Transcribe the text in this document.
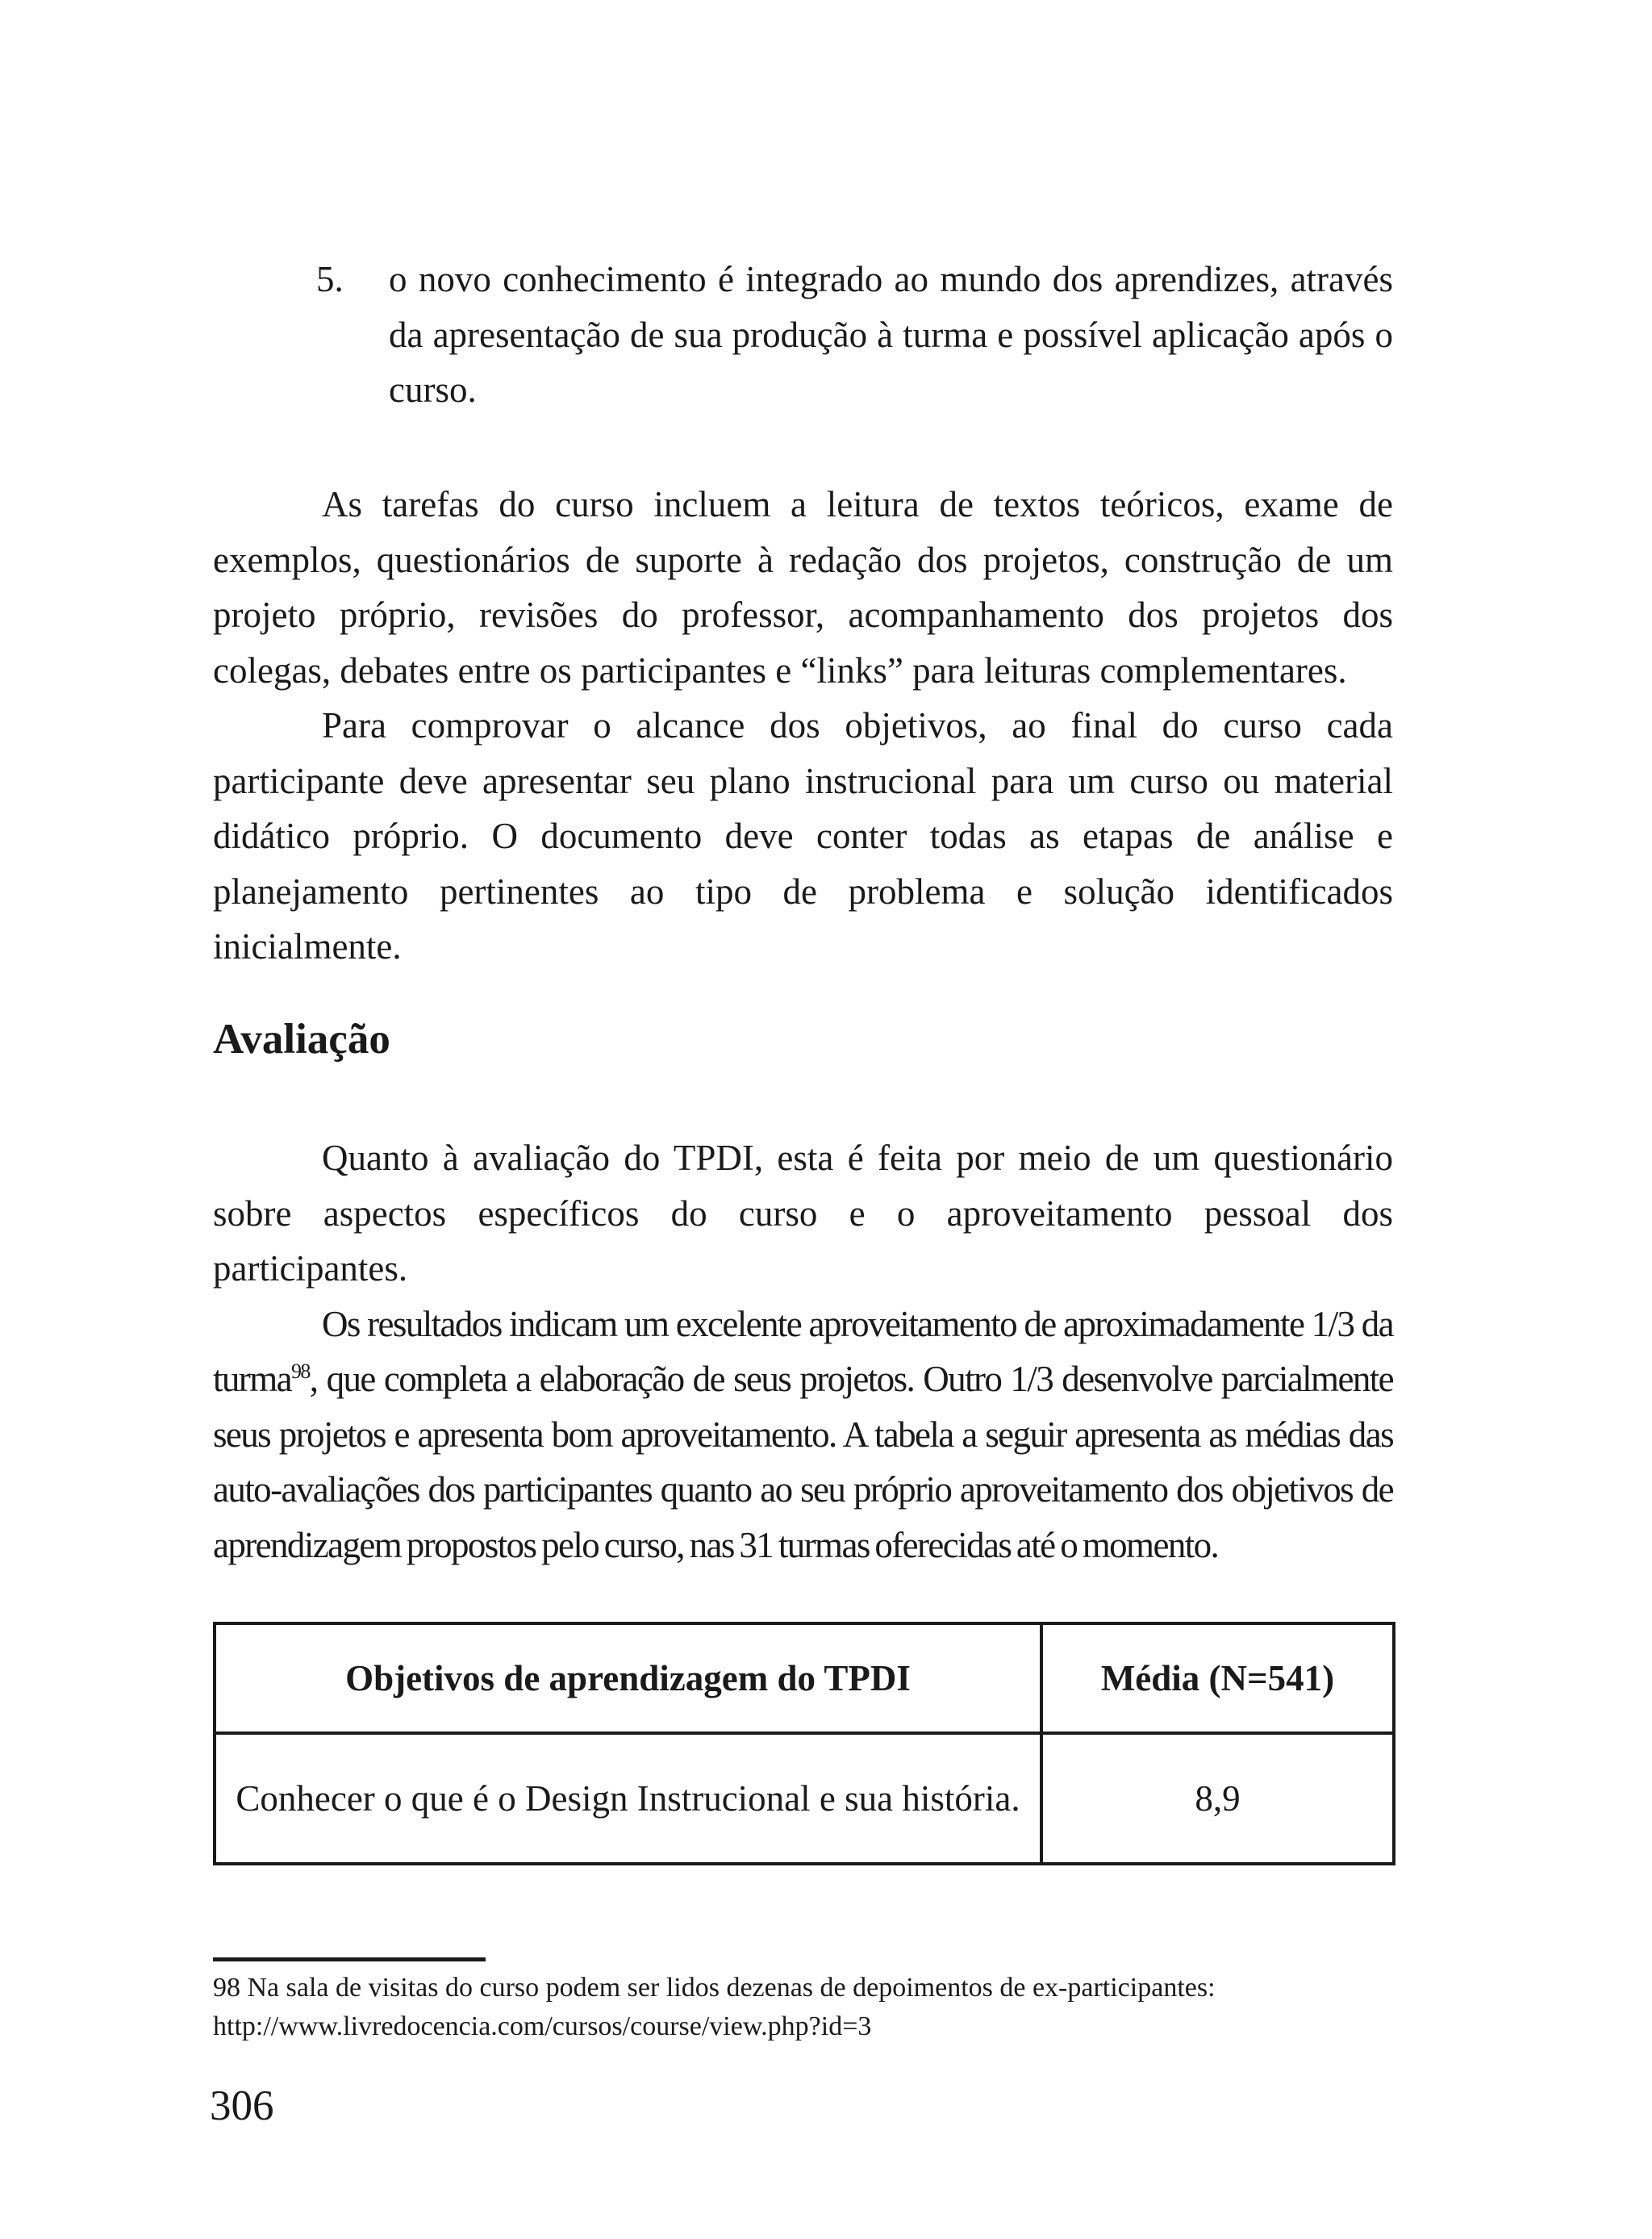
5.	o novo conhecimento é integrado ao mundo dos aprendizes, através da apresentação de sua produção à turma e possível aplicação após o curso.

As tarefas do curso incluem a leitura de textos teóricos, exame de exemplos, questionários de suporte à redação dos projetos, construção de um projeto próprio, revisões do professor, acompanhamento dos projetos dos colegas, debates entre os participantes e “links” para leituras complementares.

Para comprovar o alcance dos objetivos, ao final do curso cada participante deve apresentar seu plano instrucional para um curso ou material didático próprio. O documento deve conter todas as etapas de análise e planejamento pertinentes ao tipo de problema e solução identificados inicialmente.

Avaliação

Quanto à avaliação do TPDI, esta é feita por meio de um questionário sobre aspectos específicos do curso e o aproveitamento pessoal dos participantes.

Os resultados indicam um excelente aproveitamento de aproximadamente 1/3 da turma$^{98}$, que completa a elaboração de seus projetos. Outro 1/3 desenvolve parcialmente seus projetos e apresenta bom aproveitamento. A tabela a seguir apresenta as médias das auto-avaliações dos participantes quanto ao seu próprio aproveitamento dos objetivos de aprendizagem propostos pelo curso, nas 31 turmas oferecidas até o momento.

Objetivos de aprendizagem do TPDI	Média (N=541)
Conhecer o que é o Design Instrucional e sua história.	8,9

98 Na sala de visitas do curso podem ser lidos dezenas de depoimentos de ex-participantes: http://www.livredocencia.com/cursos/course/view.php?id=3

306
